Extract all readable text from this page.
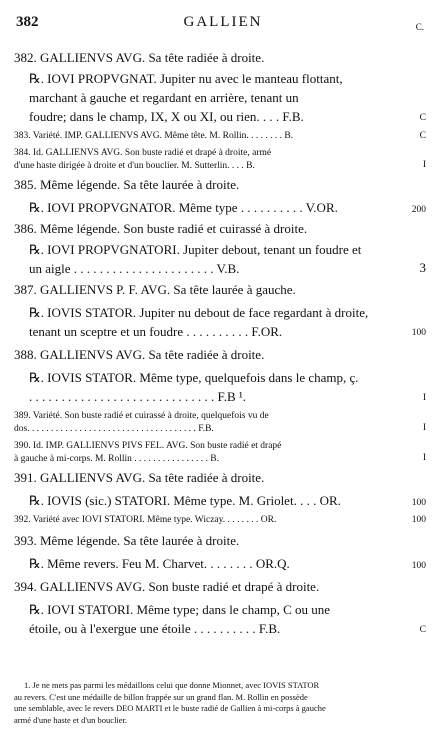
382	GALLIEN	C.
382. GALLIENVS AVG. Sa tête radiée à droite.
℞. IOVI PROPVGNAT. Jupiter nu avec le manteau flottant,
marchant à gauche et regardant en arrière, tenant un
foudre; dans le champ, IX, X ou XI, ou rien. . . . F.B.	C
383. Variété. IMP. GALLIENVS AVG. Même tête. M. Rollin. . . . . . . . B.	C
384. Id. GALLIENVS AVG. Son buste radié et drapé à droite, armé
d'une haste dirigée à droite et d'un bouclier. M. Sutterlin. . . . B.	I
385. Même légende. Sa tête laurée à droite.
℞. IOVI PROPVGNATOR. Même type . . . . . . . . . . V.OR.	200
386. Même légende. Son buste radié et cuirassé à droite.
℞. IOVI PROPVGNATORI. Jupiter debout, tenant un foudre et
un aigle . . . . . . . . . . . . . . . . . . . . . . V.B.	3
387. GALLIENVS P. F. AVG. Sa tête laurée à gauche.
℞. IOVIS STATOR. Jupiter nu debout de face regardant à droite,
tenant un sceptre et un foudre . . . . . . . . . . F.OR.	100
388. GALLIENVS AVG. Sa tête radiée à droite.
℞. IOVIS STATOR. Même type, quelquefois dans le champ, ç.
. . . . . . . . . . . . . . . . . . . . . . . . . . . . . F.B ¹.	I
389. Variété. Son buste radié et cuirassé à droite, quelquefois vu de
dos. . . . . . . . . . . . . . . . . . . . . . . . . . . . . . . . . . . . F.B.	I
390. Id. IMP. GALLIENVS PIVS FEL. AVG. Son buste radié et drapé
à gauche à mi-corps. M. Rollin . . . . . . . . . . . . . . . . B.	I
391. GALLIENVS AVG. Sa tête radiée à droite.
℞. IOVIS (sic.) STATORI. Même type. M. Griolet. . . . OR.	100
392. Variété avec IOVI STATORI. Même type. Wiczay. . . . . . . . OR.	100
393. Même légende. Sa tête laurée à droite.
℞. Même revers. Feu M. Charvet. . . . . . . . OR.Q.	100
394. GALLIENVS AVG. Son buste radié et drapé à droite.
℞. IOVI STATORI. Même type; dans le champ, C ou une
étoile, ou à l'exergue une étoile . . . . . . . . . . F.B.	C
1. Je ne mets pas parmi les médaillons celui que donne Mionnet, avec IOVIS STATOR
au revers. C'est une médaille de billon frappée sur un grand flan. M. Rollin en possède
une semblable, avec le revers DEO MARTI et le buste radié de Gallien à mi-corps à gauche
armé d'une haste et d'un bouclier.
